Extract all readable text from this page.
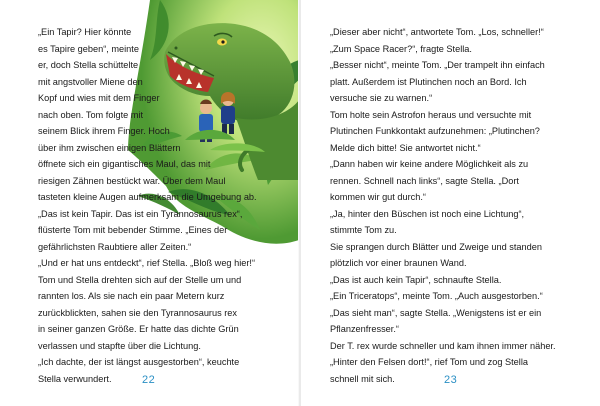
„Ein Tapir? Hier könnte
es Tapire geben“, meinte
er, doch Stella schüttelte
mit angstvoller Miene den
Kopf und wies mit dem Finger
nach oben. Tom folgte mit
seinem Blick ihrem Finger. Hoch
über ihm zwischen einigen Blättern
öffnete sich ein gigantisches Maul, das mit
riesigen Zähnen bestückt war. Über dem Maul
tasteten kleine Augen aufmerksam die Umgebung ab.
„Das ist kein Tapir. Das ist ein Tyrannosaurus rex“,
flüsterte Tom mit bebender Stimme. „Eines der
gefährlichsten Raubtiere aller Zeiten.“
„Und er hat uns entdeckt“, rief Stella. „Bloß weg hier!“
Tom und Stella drehten sich auf der Stelle um und
rannten los. Als sie nach ein paar Metern kurz
zurückblickten, sahen sie den Tyrannosaurus rex
in seiner ganzen Größe. Er hatte das dichte Grün
verlassen und stapfte über die Lichtung.
„Ich dachte, der ist längst ausgestorben“, keuchte
Stella verwundert.	22
„Dieser aber nicht“, antwortete Tom. „Los, schneller!“
„Zum Space Racer?“, fragte Stella.
„Besser nicht“, meinte Tom. „Der trampelt ihn einfach
platt. Außerdem ist Plutinchen noch an Bord. Ich
versuche sie zu warnen.“
Tom holte sein Astrofon heraus und versuchte mit
Plutinchen Funkkontakt aufzunehmen: „Plutinchen?
Melde dich bitte! Sie antwortet nicht.“
„Dann haben wir keine andere Möglichkeit als zu
rennen. Schnell nach links“, sagte Stella. „Dort
kommen wir gut durch.“
„Ja, hinter den Büschen ist noch eine Lichtung“,
stimmte Tom zu.
Sie sprangen durch Blätter und Zweige und standen
plötzlich vor einer braunen Wand.
„Das ist auch kein Tapir“, schnaufte Stella.
„Ein Triceratops“, meinte Tom. „Auch ausgestorben.“
„Das sieht man“, sagte Stella. „Wenigstens ist er ein
Pflanzenfresser.“
Der T. rex wurde schneller und kam ihnen immer näher.
„Hinter den Felsen dort!“, rief Tom und zog Stella
schnell mit sich.	23
